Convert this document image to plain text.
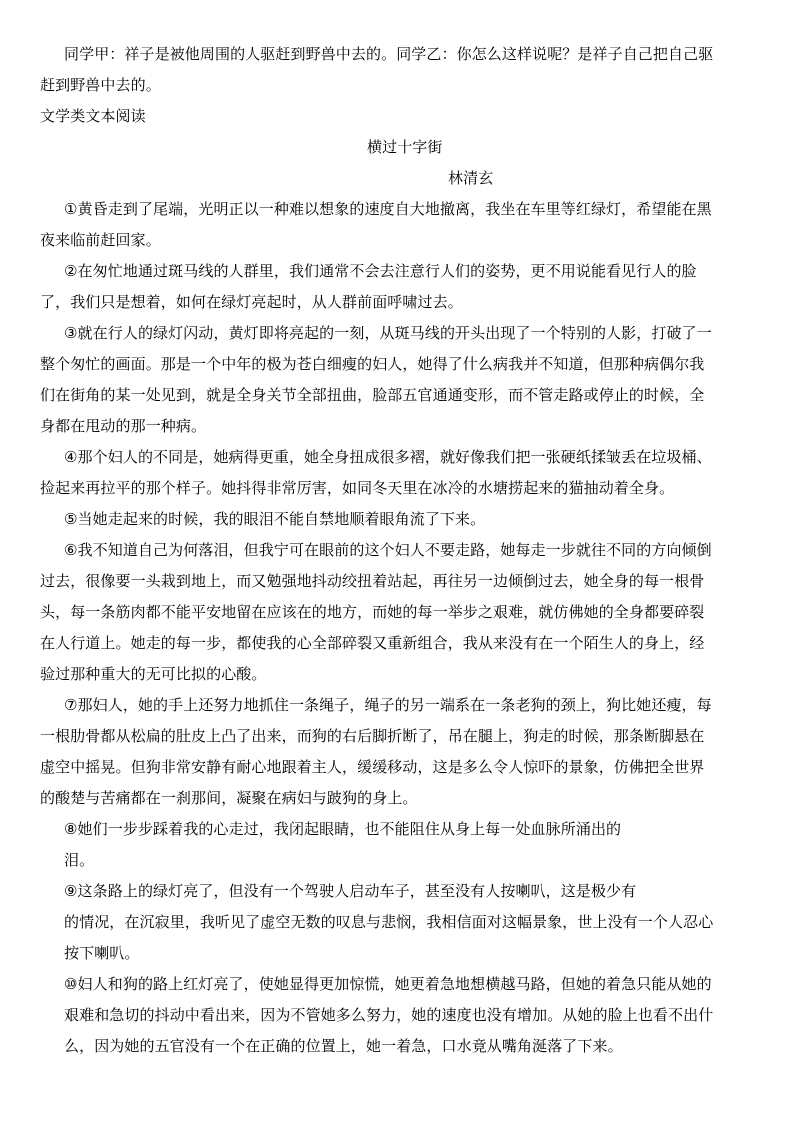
同学甲：祥子是被他周围的人驱赶到野兽中去的。同学乙：你怎么这样说呢？是祥子自己把自己驱
赶到野兽中去的。
文学类文本阅读
横过十字街
林清玄
①黄昏走到了尾端，光明正以一种难以想象的速度自大地撤离，我坐在车里等红绿灯，希望能在黑
夜来临前赶回家。
②在匆忙地通过斑马线的人群里，我们通常不会去注意行人们的姿势，更不用说能看见行人的脸
了，我们只是想着，如何在绿灯亮起时，从人群前面呼啸过去。
③就在行人的绿灯闪动，黄灯即将亮起的一刻，从斑马线的开头出现了一个特别的人影，打破了一
整个匆忙的画面。那是一个中年的极为苍白细瘦的妇人，她得了什么病我并不知道，但那种病偶尔我
们在街角的某一处见到，就是全身关节全部扭曲，脸部五官通通变形，而不管走路或停止的时候，全
身都在甩动的那一种病。
④那个妇人的不同是，她病得更重，她全身扭成很多褶，就好像我们把一张硬纸揉皱丢在垃圾桶、
捡起来再拉平的那个样子。她抖得非常厉害，如同冬天里在冰冷的水塘捞起来的猫抽动着全身。
⑤当她走起来的时候，我的眼泪不能自禁地顺着眼角流了下来。
⑥我不知道自己为何落泪，但我宁可在眼前的这个妇人不要走路，她每走一步就往不同的方向倾倒
过去，很像要一头栽到地上，而又勉强地抖动绞扭着站起，再往另一边倾倒过去，她全身的每一根骨
头，每一条筋肉都不能平安地留在应该在的地方，而她的每一举步之艰难，就仿佛她的全身都要碎裂
在人行道上。她走的每一步，都使我的心全部碎裂又重新组合，我从来没有在一个陌生人的身上，经
验过那种重大的无可比拟的心酸。
⑦那妇人，她的手上还努力地抓住一条绳子，绳子的另一端系在一条老狗的颈上，狗比她还瘦，每
一根肋骨都从松扁的肚皮上凸了出来，而狗的右后脚折断了，吊在腿上，狗走的时候，那条断脚悬在
虚空中摇晃。但狗非常安静有耐心地跟着主人，缓缓移动，这是多么令人惊吓的景象，仿佛把全世界
的酸楚与苦痛都在一刹那间，凝聚在病妇与跛狗的身上。
⑧她们一步步踩着我的心走过，我闭起眼睛，也不能阻住从身上每一处血脉所涌出的
泪。
⑨这条路上的绿灯亮了，但没有一个驾驶人启动车子，甚至没有人按喇叭，这是极少有
的情况，在沉寂里，我听见了虚空无数的叹息与悲悯，我相信面对这幅景象，世上没有一个人忍心
按下喇叭。
⑩妇人和狗的路上红灯亮了，使她显得更加惊慌，她更着急地想横越马路，但她的着急只能从她的
艰难和急切的抖动中看出来，因为不管她多么努力，她的速度也没有增加。从她的脸上也看不出什
么，因为她的五官没有一个在正确的位置上，她一着急，口水竟从嘴角涎落了下来。
